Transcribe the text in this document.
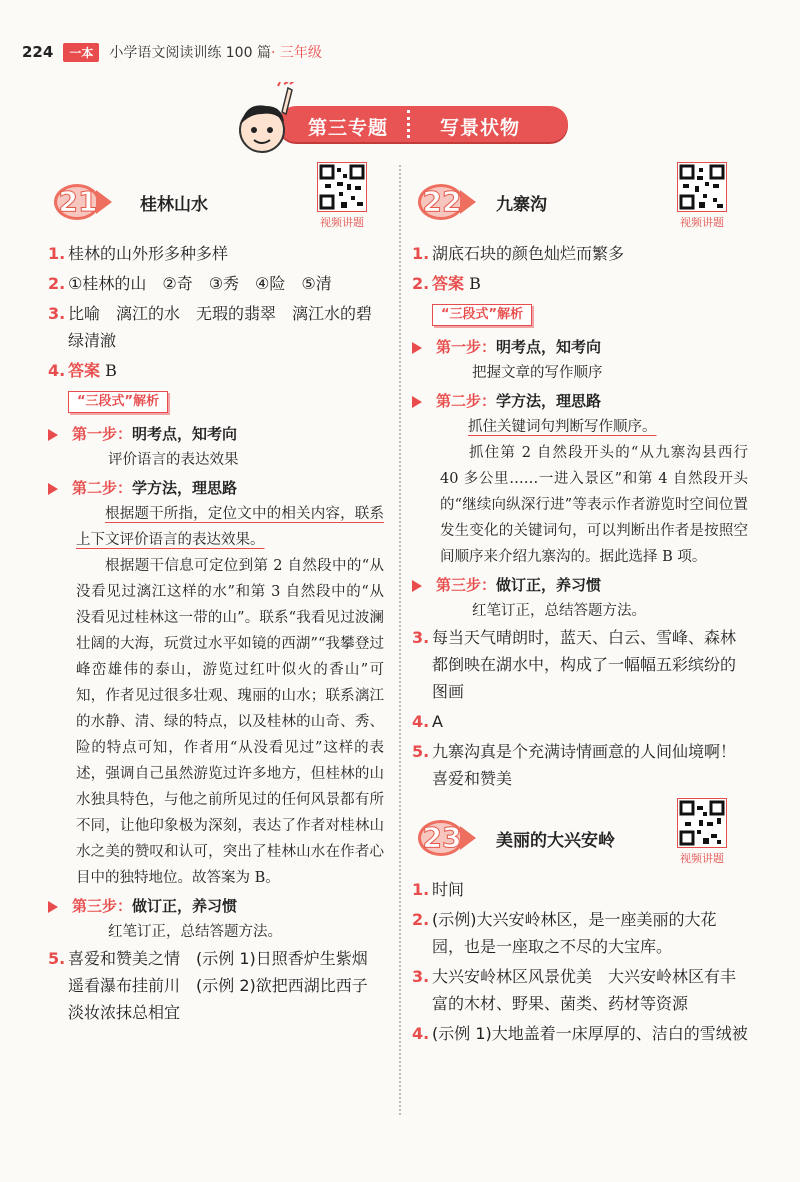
224	一本	小学语文阅读训练 100 篇· 三年级
第三专题	写景状物
21	桂林山水
视频讲题
1. 桂林的山外形多种多样
2. ①桂林的山　②奇　③秀　④险　⑤清
3. 比喻　漓江的水　无瑕的翡翠　漓江水的碧绿清澈
4. 答案 B
“三段式”解析
第一步：明考点，知考向
评价语言的表达效果
第二步：学方法，理思路
根据题干所指，定位文中的相关内容，联系上下文评价语言的表达效果。
根据题干信息可定位到第 2 自然段中的“从没看见过漓江这样的水”和第 3 自然段中的“从没看见过桂林这一带的山”。联系“我看见过波澜壮阔的大海，玩赏过水平如镜的西湖”“我攀登过峰峦雄伟的泰山，游览过红叶似火的香山”可知，作者见过很多壮观、瑰丽的山水；联系漓江的水静、清、绿的特点，以及桂林的山奇、秀、险的特点可知，作者用“从没看见过”这样的表述，强调自己虽然游览过许多地方，但桂林的山水独具特色，与他之前所见过的任何风景都有所不同，让他印象极为深刻，表达了作者对桂林山水之美的赞叹和认可，突出了桂林山水在作者心目中的独特地位。故答案为 B。
第三步：做订正，养习惯
红笔订正，总结答题方法。
5. 喜爱和赞美之情　(示例 1)日照香炉生紫烟　遥看瀑布挂前川　(示例 2)欲把西湖比西子　淡妆浓抹总相宜
22 九寨沟
视频讲题
1. 湖底石块的颜色灿烂而繁多
2. 答案 B
“三段式”解析
第一步：明考点，知考向
把握文章的写作顺序
第二步：学方法，理思路
抓住关键词句判断写作顺序。
抓住第 2 自然段开头的“从九寨沟县西行 40 多公里……一进入景区”和第 4 自然段开头的“继续向纵深行进”等表示作者游览时空间位置发生变化的关键词句，可以判断出作者是按照空间顺序来介绍九寨沟的。据此选择 B 项。
第三步：做订正，养习惯
红笔订正，总结答题方法。
3. 每当天气晴朗时，蓝天、白云、雪峰、森林都倒映在湖水中，构成了一幅幅五彩缤纷的图画
4. A
5. 九寨沟真是个充满诗情画意的人间仙境啊！　喜爱和赞美
23 美丽的大兴安岭
视频讲题
1. 时间
2. (示例)大兴安岭林区，是一座美丽的大花园，也是一座取之不尽的大宝库。
3. 大兴安岭林区风景优美　大兴安岭林区有丰富的木材、野果、菌类、药材等资源
4. (示例 1)大地盖着一床厚厚的、洁白的雪绒被
